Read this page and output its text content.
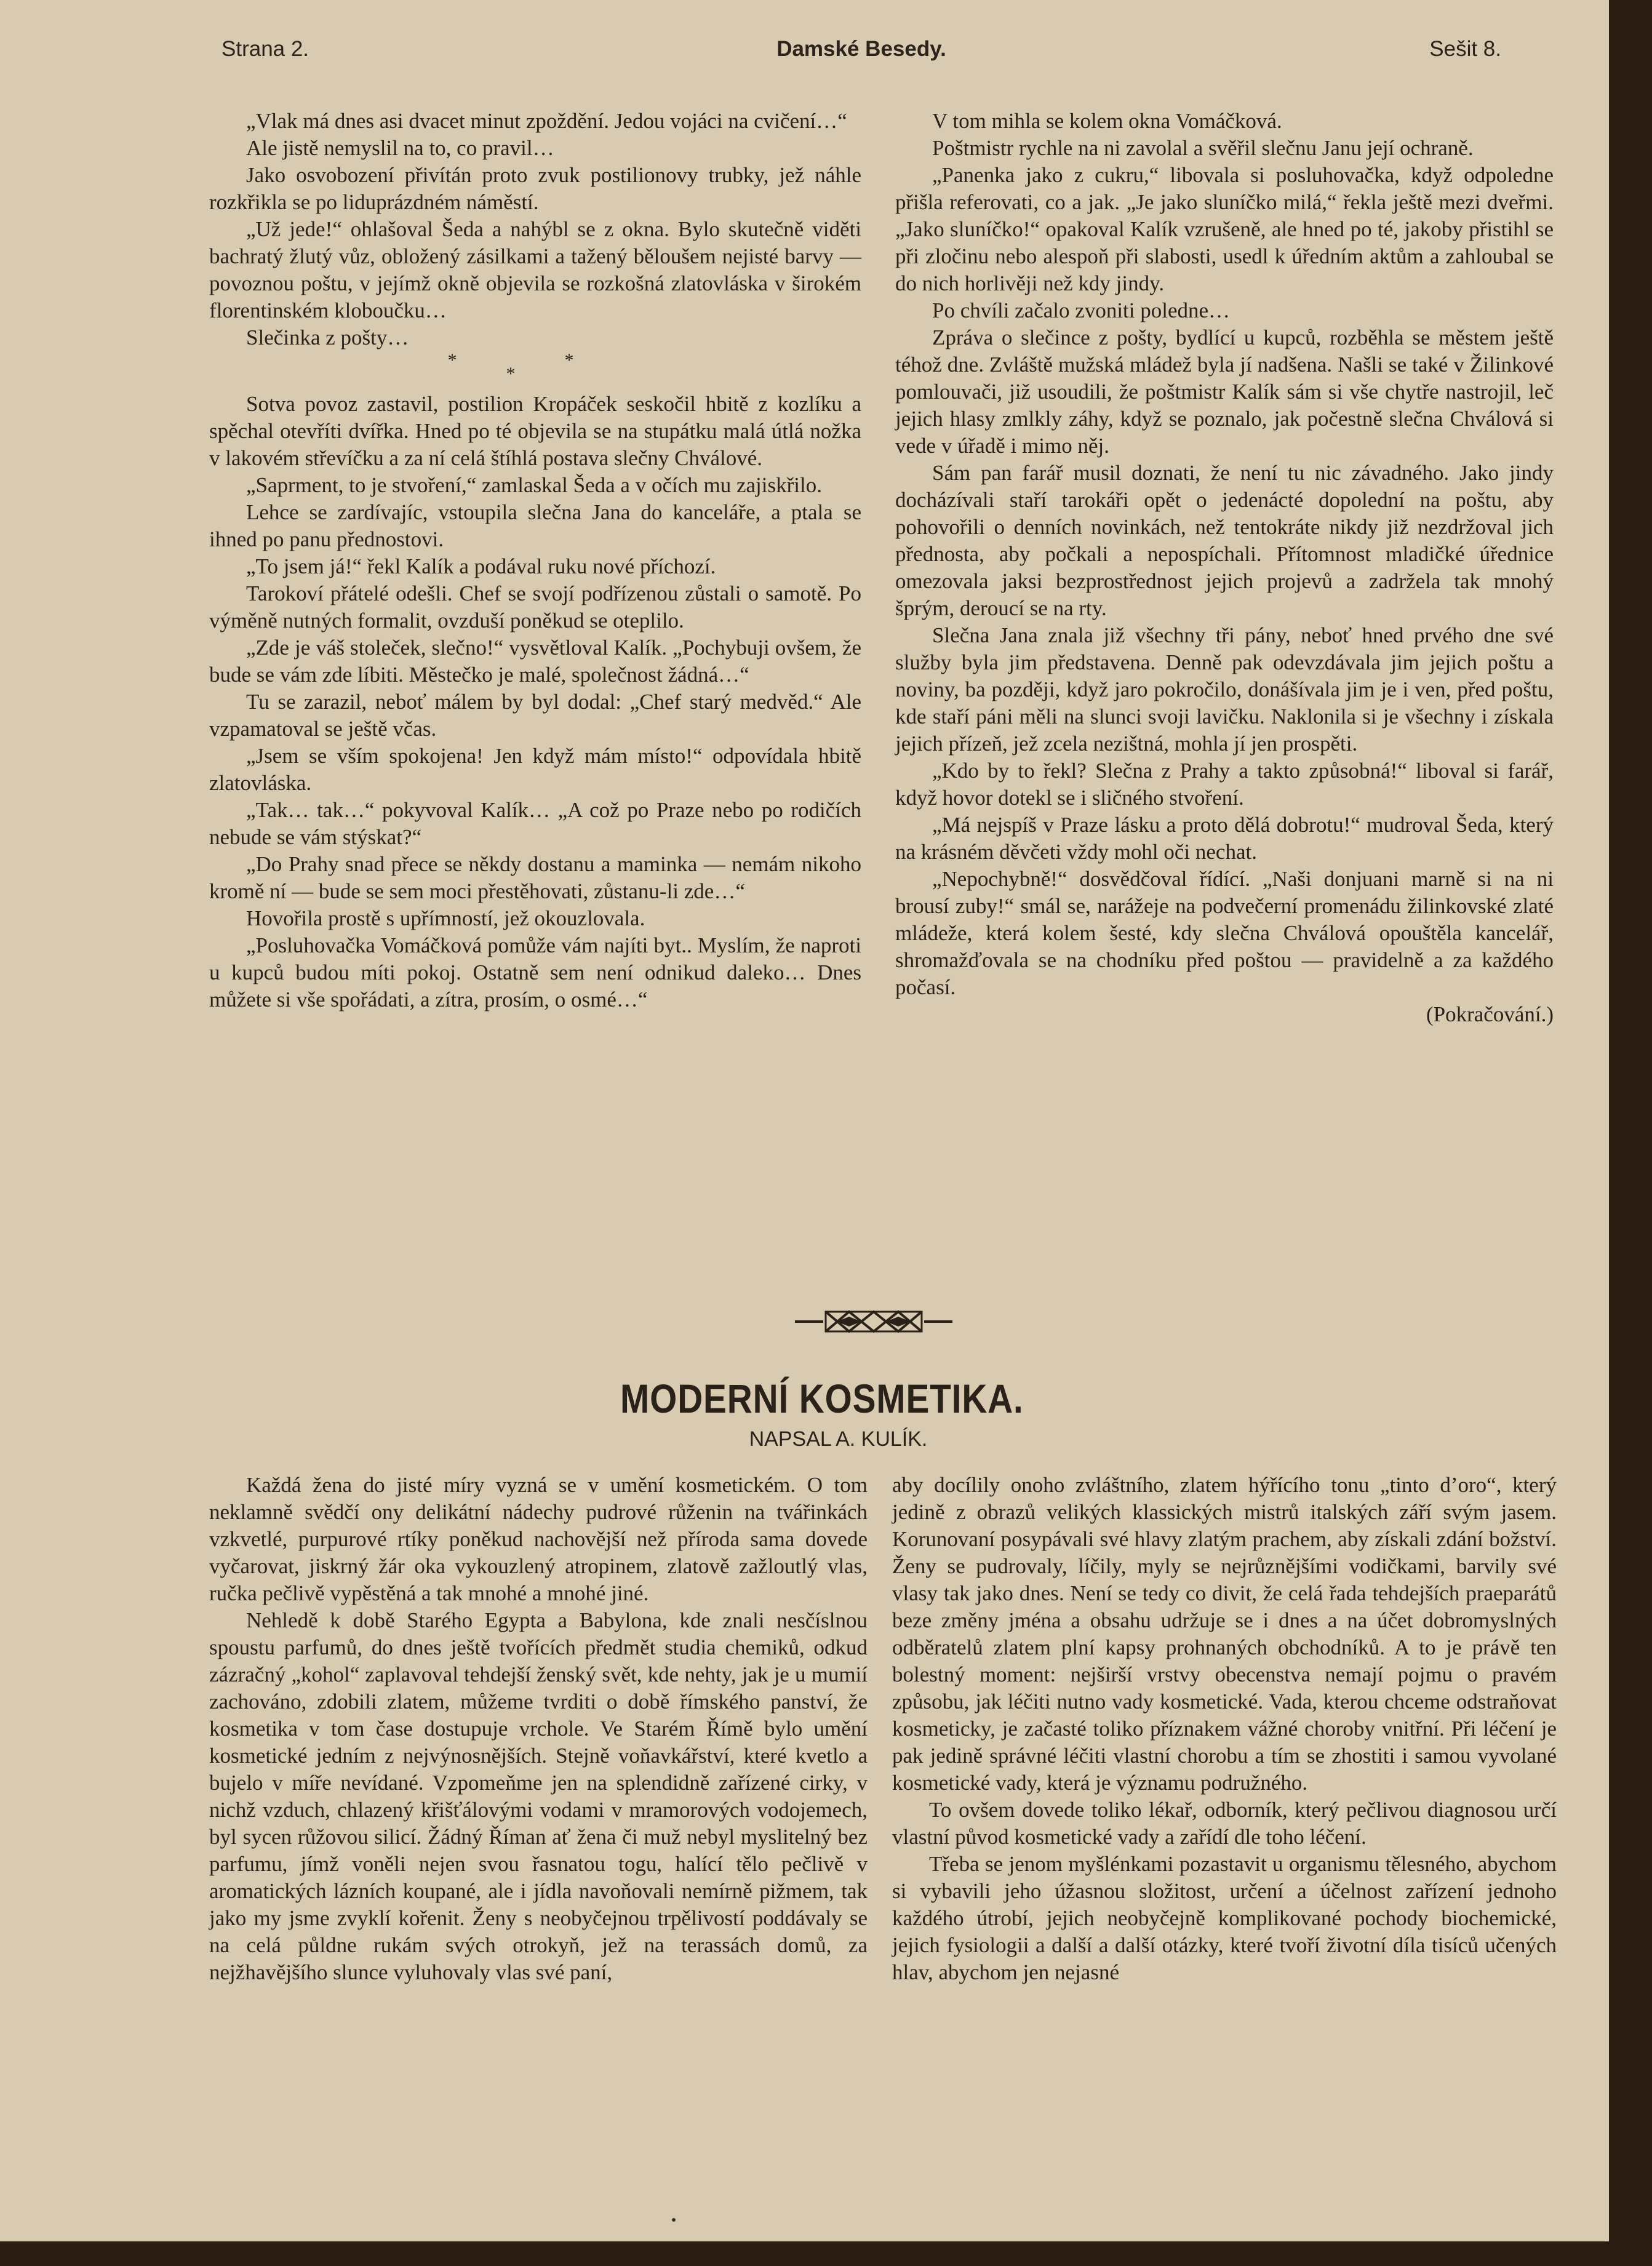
Strana 2.	Damské Besedy.	Sešit 8.

„Vlak má dnes asi dvacet minut zpoždění. Jedou vojáci na cvičení…“

Ale jistě nemyslil na to, co pravil…

Jako osvobození přivítán proto zvuk postilionovy trubky, jež náhle rozkřikla se po liduprázdném náměstí.

„Už jede!“ ohlašoval Šeda a nahýbl se z okna. Bylo skutečně viděti bachratý žlutý vůz, obložený zásilkami a tažený běloušem nejisté barvy — povoznou poštu, v jejímž okně objevila se rozkošná zlatovláska v širokém florentinském kloboučku…

Slečinka z pošty…

***

Sotva povoz zastavil, postilion Kropáček seskočil hbitě z kozlíku a spěchal otevříti dvířka. Hned po té objevila se na stupátku malá útlá nožka v lakovém střevíčku a za ní celá štíhlá postava slečny Chválové.

„Saprment, to je stvoření,“ zamlaskal Šeda a v očích mu zajiskřilo.

Lehce se zardívajíc, vstoupila slečna Jana do kanceláře, a ptala se ihned po panu přednostovi.

„To jsem já!“ řekl Kalík a podával ruku nové příchozí.

Tarokoví přátelé odešli. Chef se svojí podřízenou zůstali o samotě. Po výměně nutných formalit, ovzduší poněkud se oteplilo.

„Zde je váš stoleček, slečno!“ vysvětloval Kalík. „Pochybuji ovšem, že bude se vám zde líbiti. Městečko je malé, společnost žádná…“

Tu se zarazil, neboť málem by byl dodal: „Chef starý medvěd.“ Ale vzpamatoval se ještě včas.

„Jsem se vším spokojena! Jen když mám místo!“ odpovídala hbitě zlatovláska.

„Tak… tak…“ pokyvoval Kalík… „A což po Praze nebo po rodičích nebude se vám stýskat?“

„Do Prahy snad přece se někdy dostanu a maminka — nemám nikoho kromě ní — bude se sem moci přestěhovati, zůstanu-li zde…“

Hovořila prostě s upřímností, jež okouzlovala.

„Posluhovačka Vomáčková pomůže vám najíti byt.. Myslím, že naproti u kupců budou míti pokoj. Ostatně sem není odnikud daleko… Dnes můžete si vše spořádati, a zítra, prosím, o osmé…“

V tom mihla se kolem okna Vomáčková.

Poštmistr rychle na ni zavolal a svěřil slečnu Janu její ochraně.

„Panenka jako z cukru,“ libovala si posluhovačka, když odpoledne přišla referovati, co a jak. „Je jako sluníčko milá,“ řekla ještě mezi dveřmi. „Jako sluníčko!“ opakoval Kalík vzrušeně, ale hned po té, jakoby přistihl se při zločinu nebo alespoň při slabosti, usedl k úředním aktům a zahloubal se do nich horlivěji než kdy jindy.

Po chvíli začalo zvoniti poledne…

Zpráva o slečince z pošty, bydlící u kupců, rozběhla se městem ještě téhož dne. Zvláště mužská mládež byla jí nadšena. Našli se také v Žilinkové pomlouvači, již usoudili, že poštmistr Kalík sám si vše chytře nastrojil, leč jejich hlasy zmlkly záhy, když se poznalo, jak počestně slečna Chválová si vede v úřadě i mimo něj.

Sám pan farář musil doznati, že není tu nic závadného. Jako jindy docházívali staří tarokáři opět o jedenácté dopolední na poštu, aby pohovořili o denních novinkách, než tentokráte nikdy již nezdržoval jich přednosta, aby počkali a nepospíchali. Přítomnost mladičké úřednice omezovala jaksi bezprostřednost jejich projevů a zadržela tak mnohý šprým, deroucí se na rty.

Slečna Jana znala již všechny tři pány, neboť hned prvého dne své služby byla jim představena. Denně pak odevzdávala jim jejich poštu a noviny, ba později, když jaro pokročilo, donášívala jim je i ven, před poštu, kde staří páni měli na slunci svoji lavičku. Naklonila si je všechny i získala jejich přízeň, jež zcela nezištná, mohla jí jen prospěti.

„Kdo by to řekl? Slečna z Prahy a takto způsobná!“ liboval si farář, když hovor dotekl se i sličného stvoření.

„Má nejspíš v Praze lásku a proto dělá dobrotu!“ mudroval Šeda, který na krásném děvčeti vždy mohl oči nechat.

„Nepochybně!“ dosvědčoval řídící. „Naši donjuani marně si na ni brousí zuby!“ smál se, narážeje na podvečerní promenádu žilinkovské zlaté mládeže, která kolem šesté, kdy slečna Chválová opouštěla kancelář, shromažďovala se na chodníku před poštou — pravidelně a za každého počasí.

(Pokračování.)

MODERNÍ KOSMETIKA.
NAPSAL A. KULÍK.

Každá žena do jisté míry vyzná se v umění kosmetickém. O tom neklamně svědčí ony delikátní nádechy pudrové růženin na tvářinkách vzkvetlé, purpurové rtíky poněkud nachovější než příroda sama dovede vyčarovat, jiskrný žár oka vykouzlený atropinem, zlatově zažloutlý vlas, ručka pečlivě vypěstěná a tak mnohé a mnohé jiné.

Nehledě k době Starého Egypta a Babylona, kde znali nesčíslnou spoustu parfumů, do dnes ještě tvořících předmět studia chemiků, odkud zázračný „kohol“ zaplavoval tehdejší ženský svět, kde nehty, jak je u mumií zachováno, zdobili zlatem, můžeme tvrditi o době římského panství, že kosmetika v tom čase dostupuje vrchole. Ve Starém Římě bylo umění kosmetické jedním z nejvýnosnějších. Stejně voňavkářství, které kvetlo a bujelo v míře nevídané. Vzpomeňme jen na splendidně zařízené cirky, v nichž vzduch, chlazený křišťálovými vodami v mramorových vodojemech, byl sycen růžovou silicí. Žádný Říman ať žena či muž nebyl myslitelný bez parfumu, jímž voněli nejen svou řasnatou togu, halící tělo pečlivě v aromatických lázních koupané, ale i jídla navoňovali nemírně pižmem, tak jako my jsme zvyklí kořenit. Ženy s neobyčejnou trpělivostí poddávaly se na celá půldne rukám svých otrokyň, jež na terassách domů, za nejžhavějšího slunce vyluhovaly vlas své paní,

aby docílily onoho zvláštního, zlatem hýřícího tonu „tinto d’oro“, který jedině z obrazů velikých klassických mistrů italských září svým jasem. Korunovaní posypávali své hlavy zlatým prachem, aby získali zdání božství. Ženy se pudrovaly, líčily, myly se nejrůznějšími vodičkami, barvily své vlasy tak jako dnes. Není se tedy co divit, že celá řada tehdejších praeparátů beze změny jména a obsahu udržuje se i dnes a na účet dobromyslných odběratelů zlatem plní kapsy prohnaných obchodníků. A to je právě ten bolestný moment: nejširší vrstvy obecenstva nemají pojmu o pravém způsobu, jak léčiti nutno vady kosmetické. Vada, kterou chceme odstraňovat kosmeticky, je začasté toliko příznakem vážné choroby vnitřní. Při léčení je pak jedině správné léčiti vlastní chorobu a tím se zhostiti i samou vyvolané kosmetické vady, která je významu podružného.

To ovšem dovede toliko lékař, odborník, který pečlivou diagnosou určí vlastní původ kosmetické vady a zařídí dle toho léčení.

Třeba se jenom myšlénkami pozastavit u organismu tělesného, abychom si vybavili jeho úžasnou složitost, určení a účelnost zařízení jednoho každého útrobí, jejich neobyčejně komplikované pochody biochemické, jejich fysiologii a další a další otázky, které tvoří životní díla tisíců učených hlav, abychom jen nejasné
